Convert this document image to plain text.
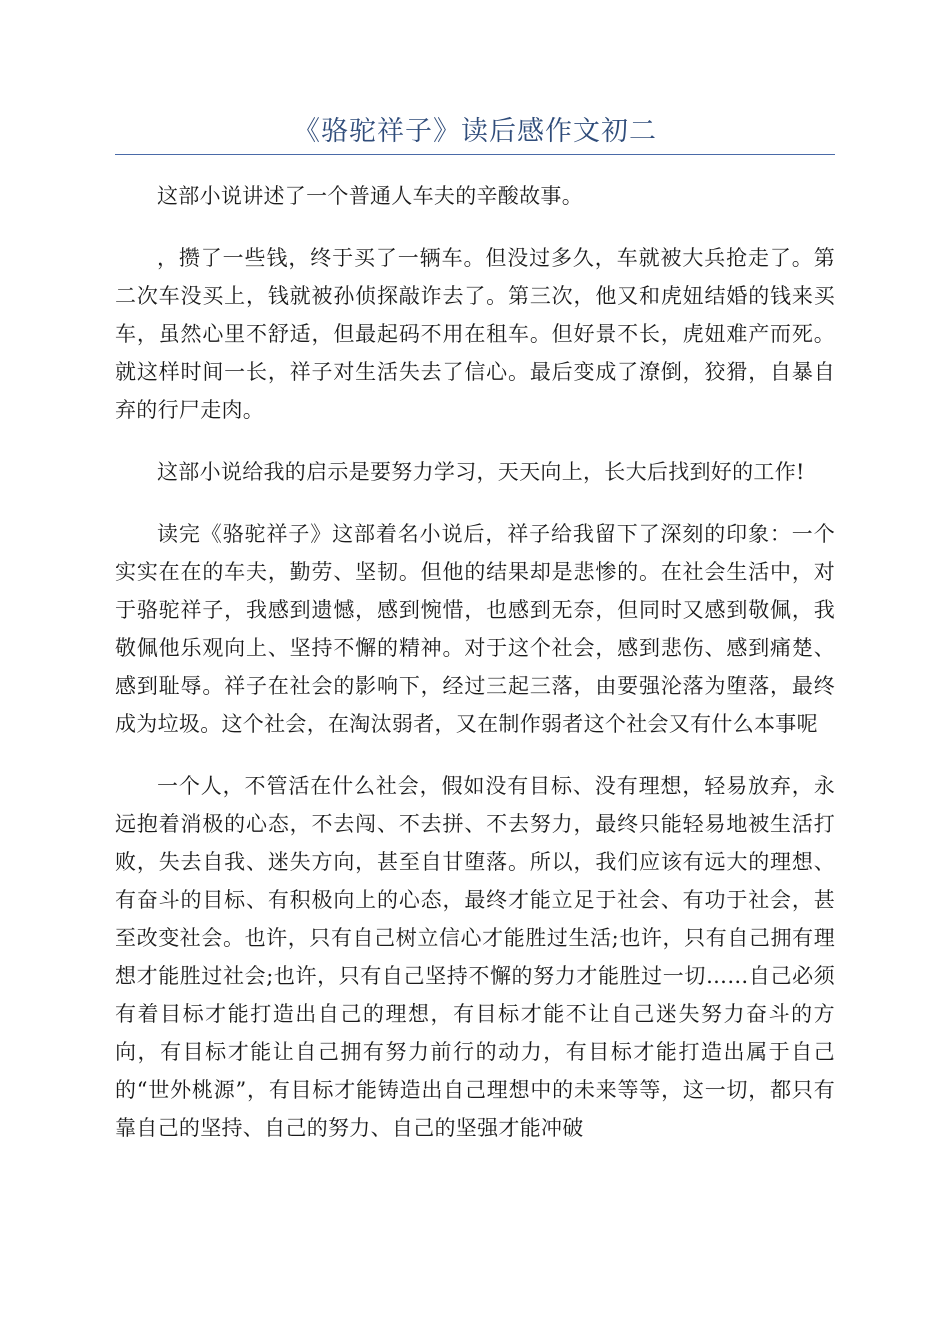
《骆驼祥子》读后感作文初二

这部小说讲述了一个普通人车夫的辛酸故事。

，攒了一些钱，终于买了一辆车。但没过多久，车就被大兵抢走了。第二次车没买上，钱就被孙侦探敲诈去了。第三次，他又和虎妞结婚的钱来买车，虽然心里不舒适，但最起码不用在租车。但好景不长，虎妞难产而死。就这样时间一长，祥子对生活失去了信心。最后变成了潦倒，狡猾，自暴自弃的行尸走肉。

这部小说给我的启示是要努力学习，天天向上，长大后找到好的工作!

读完《骆驼祥子》这部着名小说后，祥子给我留下了深刻的印象：一个实实在在的车夫，勤劳、坚韧。但他的结果却是悲惨的。在社会生活中，对于骆驼祥子，我感到遗憾，感到惋惜，也感到无奈，但同时又感到敬佩，我敬佩他乐观向上、坚持不懈的精神。对于这个社会，感到悲伤、感到痛楚、感到耻辱。祥子在社会的影响下，经过三起三落，由要强沦落为堕落，最终成为垃圾。这个社会，在淘汰弱者，又在制作弱者这个社会又有什么本事呢

一个人，不管活在什么社会，假如没有目标、没有理想，轻易放弃，永远抱着消极的心态，不去闯、不去拼、不去努力，最终只能轻易地被生活打败，失去自我、迷失方向，甚至自甘堕落。所以，我们应该有远大的理想、有奋斗的目标、有积极向上的心态，最终才能立足于社会、有功于社会，甚至改变社会。也许，只有自己树立信心才能胜过生活;也许，只有自己拥有理想才能胜过社会;也许，只有自己坚持不懈的努力才能胜过一切……自己必须有着目标才能打造出自己的理想，有目标才能不让自己迷失努力奋斗的方向，有目标才能让自己拥有努力前行的动力，有目标才能打造出属于自己的“世外桃源”，有目标才能铸造出自己理想中的未来等等，这一切，都只有靠自己的坚持、自己的努力、自己的坚强才能冲破
